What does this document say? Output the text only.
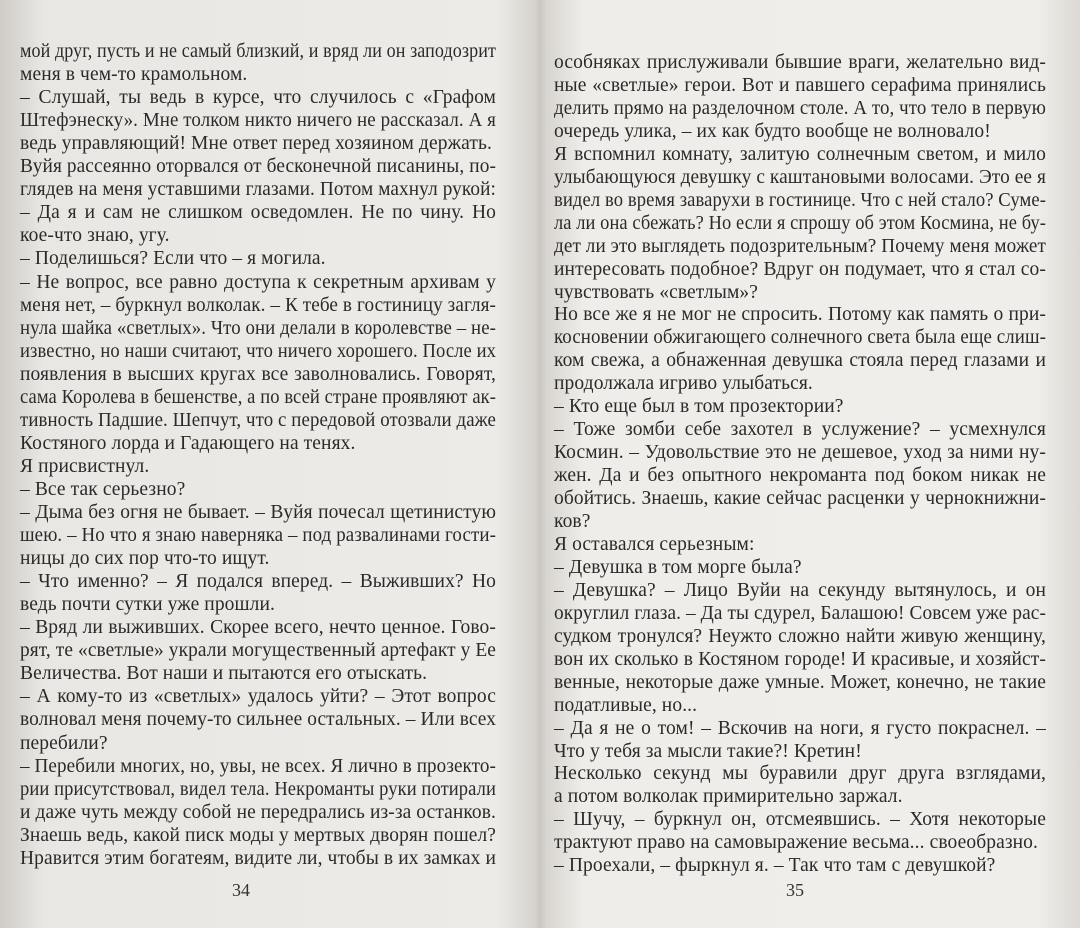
мой друг, пусть и не самый близкий, и вряд ли он заподозрит
меня в чем-то крамольном.
– Слушай, ты ведь в курсе, что случилось с «Графом
Штефэнеску». Мне толком никто ничего не рассказал. А я
ведь управляющий! Мне ответ перед хозяином держать.
Вуйя рассеянно оторвался от бесконечной писанины, по-
глядев на меня уставшими глазами. Потом махнул рукой:
– Да я и сам не слишком осведомлен. Не по чину. Но
кое-что знаю, угу.
– Поделишься? Если что – я могила.
– Не вопрос, все равно доступа к секретным архивам у
меня нет, – буркнул волколак. – К тебе в гостиницу загля-
нула шайка «светлых». Что они делали в королевстве – не-
известно, но наши считают, что ничего хорошего. После их
появления в высших кругах все заволновались. Говорят,
сама Королева в бешенстве, а по всей стране проявляют ак-
тивность Падшие. Шепчут, что с передовой отозвали даже
Костяного лорда и Гадающего на тенях.
Я присвистнул.
– Все так серьезно?
– Дыма без огня не бывает. – Вуйя почесал щетинистую
шею. – Но что я знаю наверняка – под развалинами гости-
ницы до сих пор что-то ищут.
– Что именно? – Я подался вперед. – Выживших? Но
ведь почти сутки уже прошли.
– Вряд ли выживших. Скорее всего, нечто ценное. Гово-
рят, те «светлые» украли могущественный артефакт у Ее
Величества. Вот наши и пытаются его отыскать.
– А кому-то из «светлых» удалось уйти? – Этот вопрос
волновал меня почему-то сильнее остальных. – Или всех
перебили?
– Перебили многих, но, увы, не всех. Я лично в прозекто-
рии присутствовал, видел тела. Некроманты руки потирали
и даже чуть между собой не передрались из-за останков.
Знаешь ведь, какой писк моды у мертвых дворян пошел?
Нравится этим богатеям, видите ли, чтобы в их замках и
34
особняках прислуживали бывшие враги, желательно вид-
ные «светлые» герои. Вот и павшего серафима принялись
делить прямо на разделочном столе. А то, что тело в первую
очередь улика, – их как будто вообще не волновало!
Я вспомнил комнату, залитую солнечным светом, и мило
улыбающуюся девушку с каштановыми волосами. Это ее я
видел во время заварухи в гостинице. Что с ней стало? Суме-
ла ли она сбежать? Но если я спрошу об этом Космина, не бу-
дет ли это выглядеть подозрительным? Почему меня может
интересовать подобное? Вдруг он подумает, что я стал со-
чувствовать «светлым»?
Но все же я не мог не спросить. Потому как память о при-
косновении обжигающего солнечного света была еще слиш-
ком свежа, а обнаженная девушка стояла перед глазами и
продолжала игриво улыбаться.
– Кто еще был в том прозектории?
– Тоже зомби себе захотел в услужение? – усмехнулся
Космин. – Удовольствие это не дешевое, уход за ними ну-
жен. Да и без опытного некроманта под боком никак не
обойтись. Знаешь, какие сейчас расценки у чернокнижни-
ков?
Я оставался серьезным:
– Девушка в том морге была?
– Девушка? – Лицо Вуйи на секунду вытянулось, и он
округлил глаза. – Да ты сдурел, Балашою! Совсем уже рас-
судком тронулся? Неужто сложно найти живую женщину,
вон их сколько в Костяном городе! И красивые, и хозяйст-
венные, некоторые даже умные. Может, конечно, не такие
податливые, но...
– Да я не о том! – Вскочив на ноги, я густо покраснел. –
Что у тебя за мысли такие?! Кретин!
Несколько секунд мы буравили друг друга взглядами,
а потом волколак примирительно заржал.
– Шучу, – буркнул он, отсмеявшись. – Хотя некоторые
трактуют право на самовыражение весьма... своеобразно.
– Проехали, – фыркнул я. – Так что там с девушкой?
35
